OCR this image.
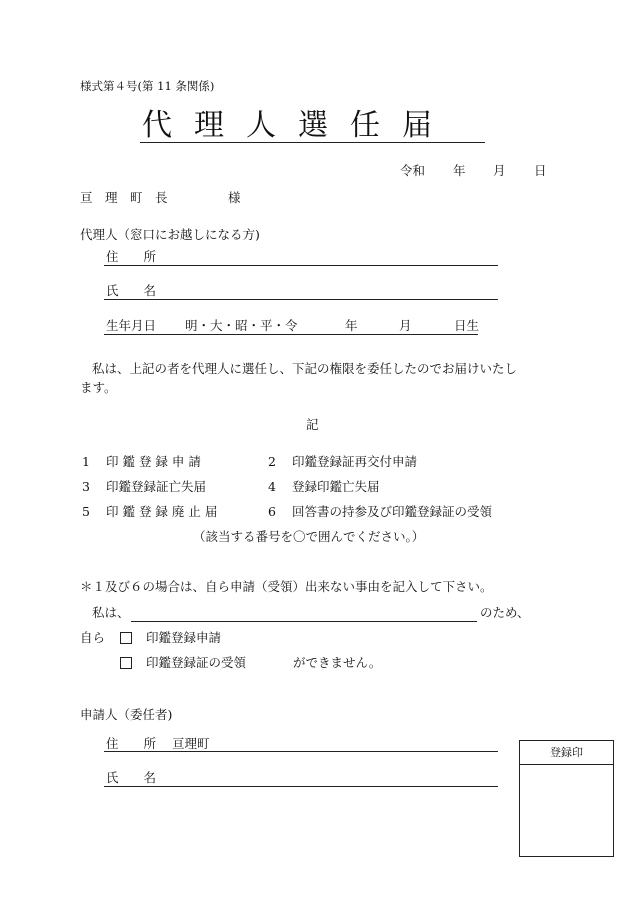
様式第４号(第 11 条関係)
代理人選任届
令和 年 月 日
亘　理　町　長	様
代理人（窓口にお越しになる方)
住　　所
氏　　名
生年月日 明・大・昭・平・令	年	月	日生
私は、上記の者を代理人に選任し、下記の権限を委任したのでお届けいたし
ます。
記
1 印 鑑 登 録 申 請	2 印鑑登録証再交付申請
3 印鑑登録証亡失届	4 登録印鑑亡失届
5 印 鑑 登 録 廃 止 届	6 回答書の持参及び印鑑登録証の受領
（該当する番号を〇で囲んでください。）
＊１及び６の場合は、自ら申請（受領）出来ない事由を記入して下さい。
私は、	のため、
自ら	印鑑登録申請
印鑑登録証の受領	ができません。
申請人（委任者)
住　　所 亘理町
氏　　名
登録印
